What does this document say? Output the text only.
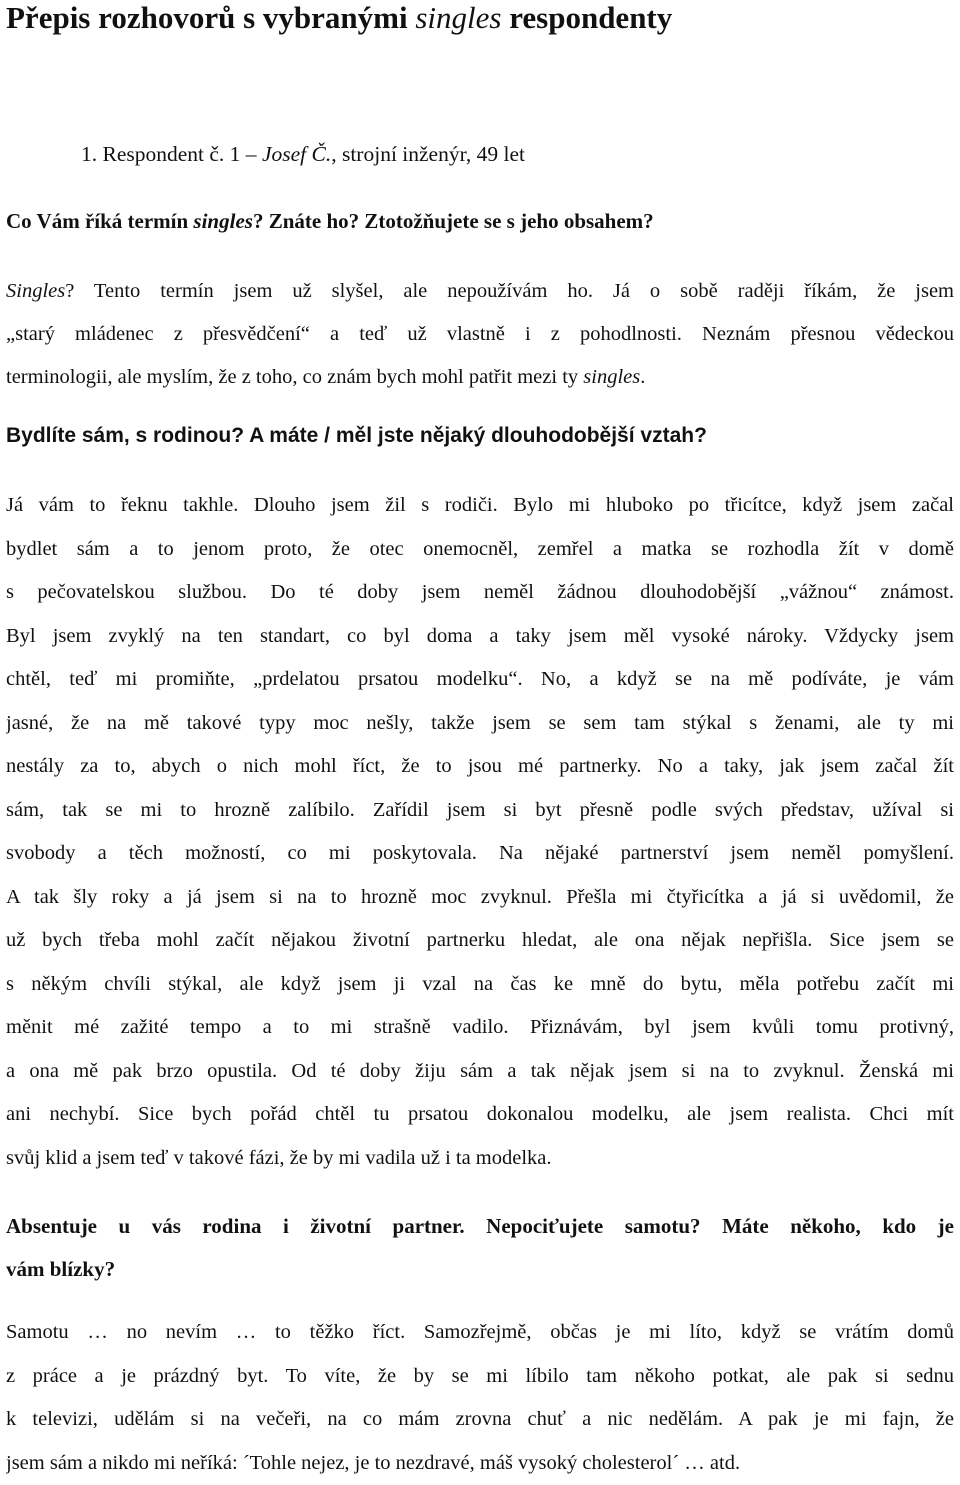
Přepis rozhovorů s vybranými singles respondenty

1. Respondent č. 1 – Josef Č., strojní inženýr, 49 let

Co Vám říká termín singles? Znáte ho? Ztotožňujete se s jeho obsahem?

Singles? Tento termín jsem už slyšel, ale nepoužívám ho. Já o sobě raději říkám, že jsem
„starý mládenec z přesvědčení“ a teď už vlastně i z pohodlnosti. Neznám přesnou vědeckou
terminologii, ale myslím, že z toho, co znám bych mohl patřit mezi ty singles.

Bydlíte sám, s rodinou? A máte / měl jste nějaký dlouhodobější vztah?

Já vám to řeknu takhle. Dlouho jsem žil s rodiči. Bylo mi hluboko po třicítce, když jsem začal
bydlet sám a to jenom proto, že otec onemocněl, zemřel a matka se rozhodla žít v domě
s pečovatelskou službou. Do té doby jsem neměl žádnou dlouhodobější „vážnou“ známost.
Byl jsem zvyklý na ten standart, co byl doma a taky jsem měl vysoké nároky. Vždycky jsem
chtěl, teď mi promiňte, „prdelatou prsatou modelku“. No, a když se na mě podíváte, je vám
jasné, že na mě takové typy moc nešly, takže jsem se sem tam stýkal s ženami, ale ty mi
nestály za to, abych o nich mohl říct, že to jsou mé partnerky. No a taky, jak jsem začal žít
sám, tak se mi to hrozně zalíbilo. Zařídil jsem si byt přesně podle svých představ, užíval si
svobody a těch možností, co mi poskytovala. Na nějaké partnerství jsem neměl pomyšlení.
A tak šly roky a já jsem si na to hrozně moc zvyknul. Přešla mi čtyřicítka a já si uvědomil, že
už bych třeba mohl začít nějakou životní partnerku hledat, ale ona nějak nepřišla. Sice jsem se
s někým chvíli stýkal, ale když jsem ji vzal na čas ke mně do bytu, měla potřebu začít mi
měnit mé zažité tempo a to mi strašně vadilo. Přiznávám, byl jsem kvůli tomu protivný,
a ona mě pak brzo opustila. Od té doby žiju sám a tak nějak jsem si na to zvyknul. Ženská mi
ani nechybí. Sice bych pořád chtěl tu prsatou dokonalou modelku, ale jsem realista. Chci mít
svůj klid a jsem teď v takové fázi, že by mi vadila už i ta modelka.

Absentuje u vás rodina i životní partner. Nepociťujete samotu? Máte někoho, kdo je
vám blízky?

Samotu … no nevím … to těžko říct. Samozřejmě, občas je mi líto, když se vrátím domů
z práce a je prázdný byt. To víte, že by se mi líbilo tam někoho potkat, ale pak si sednu
k televizi, udělám si na večeři, na co mám zrovna chuť a nic nedělám. A pak je mi fajn, že
jsem sám a nikdo mi neříká: ´Tohle nejez, je to nezdravé, máš vysoký cholesterol´ … atd.
